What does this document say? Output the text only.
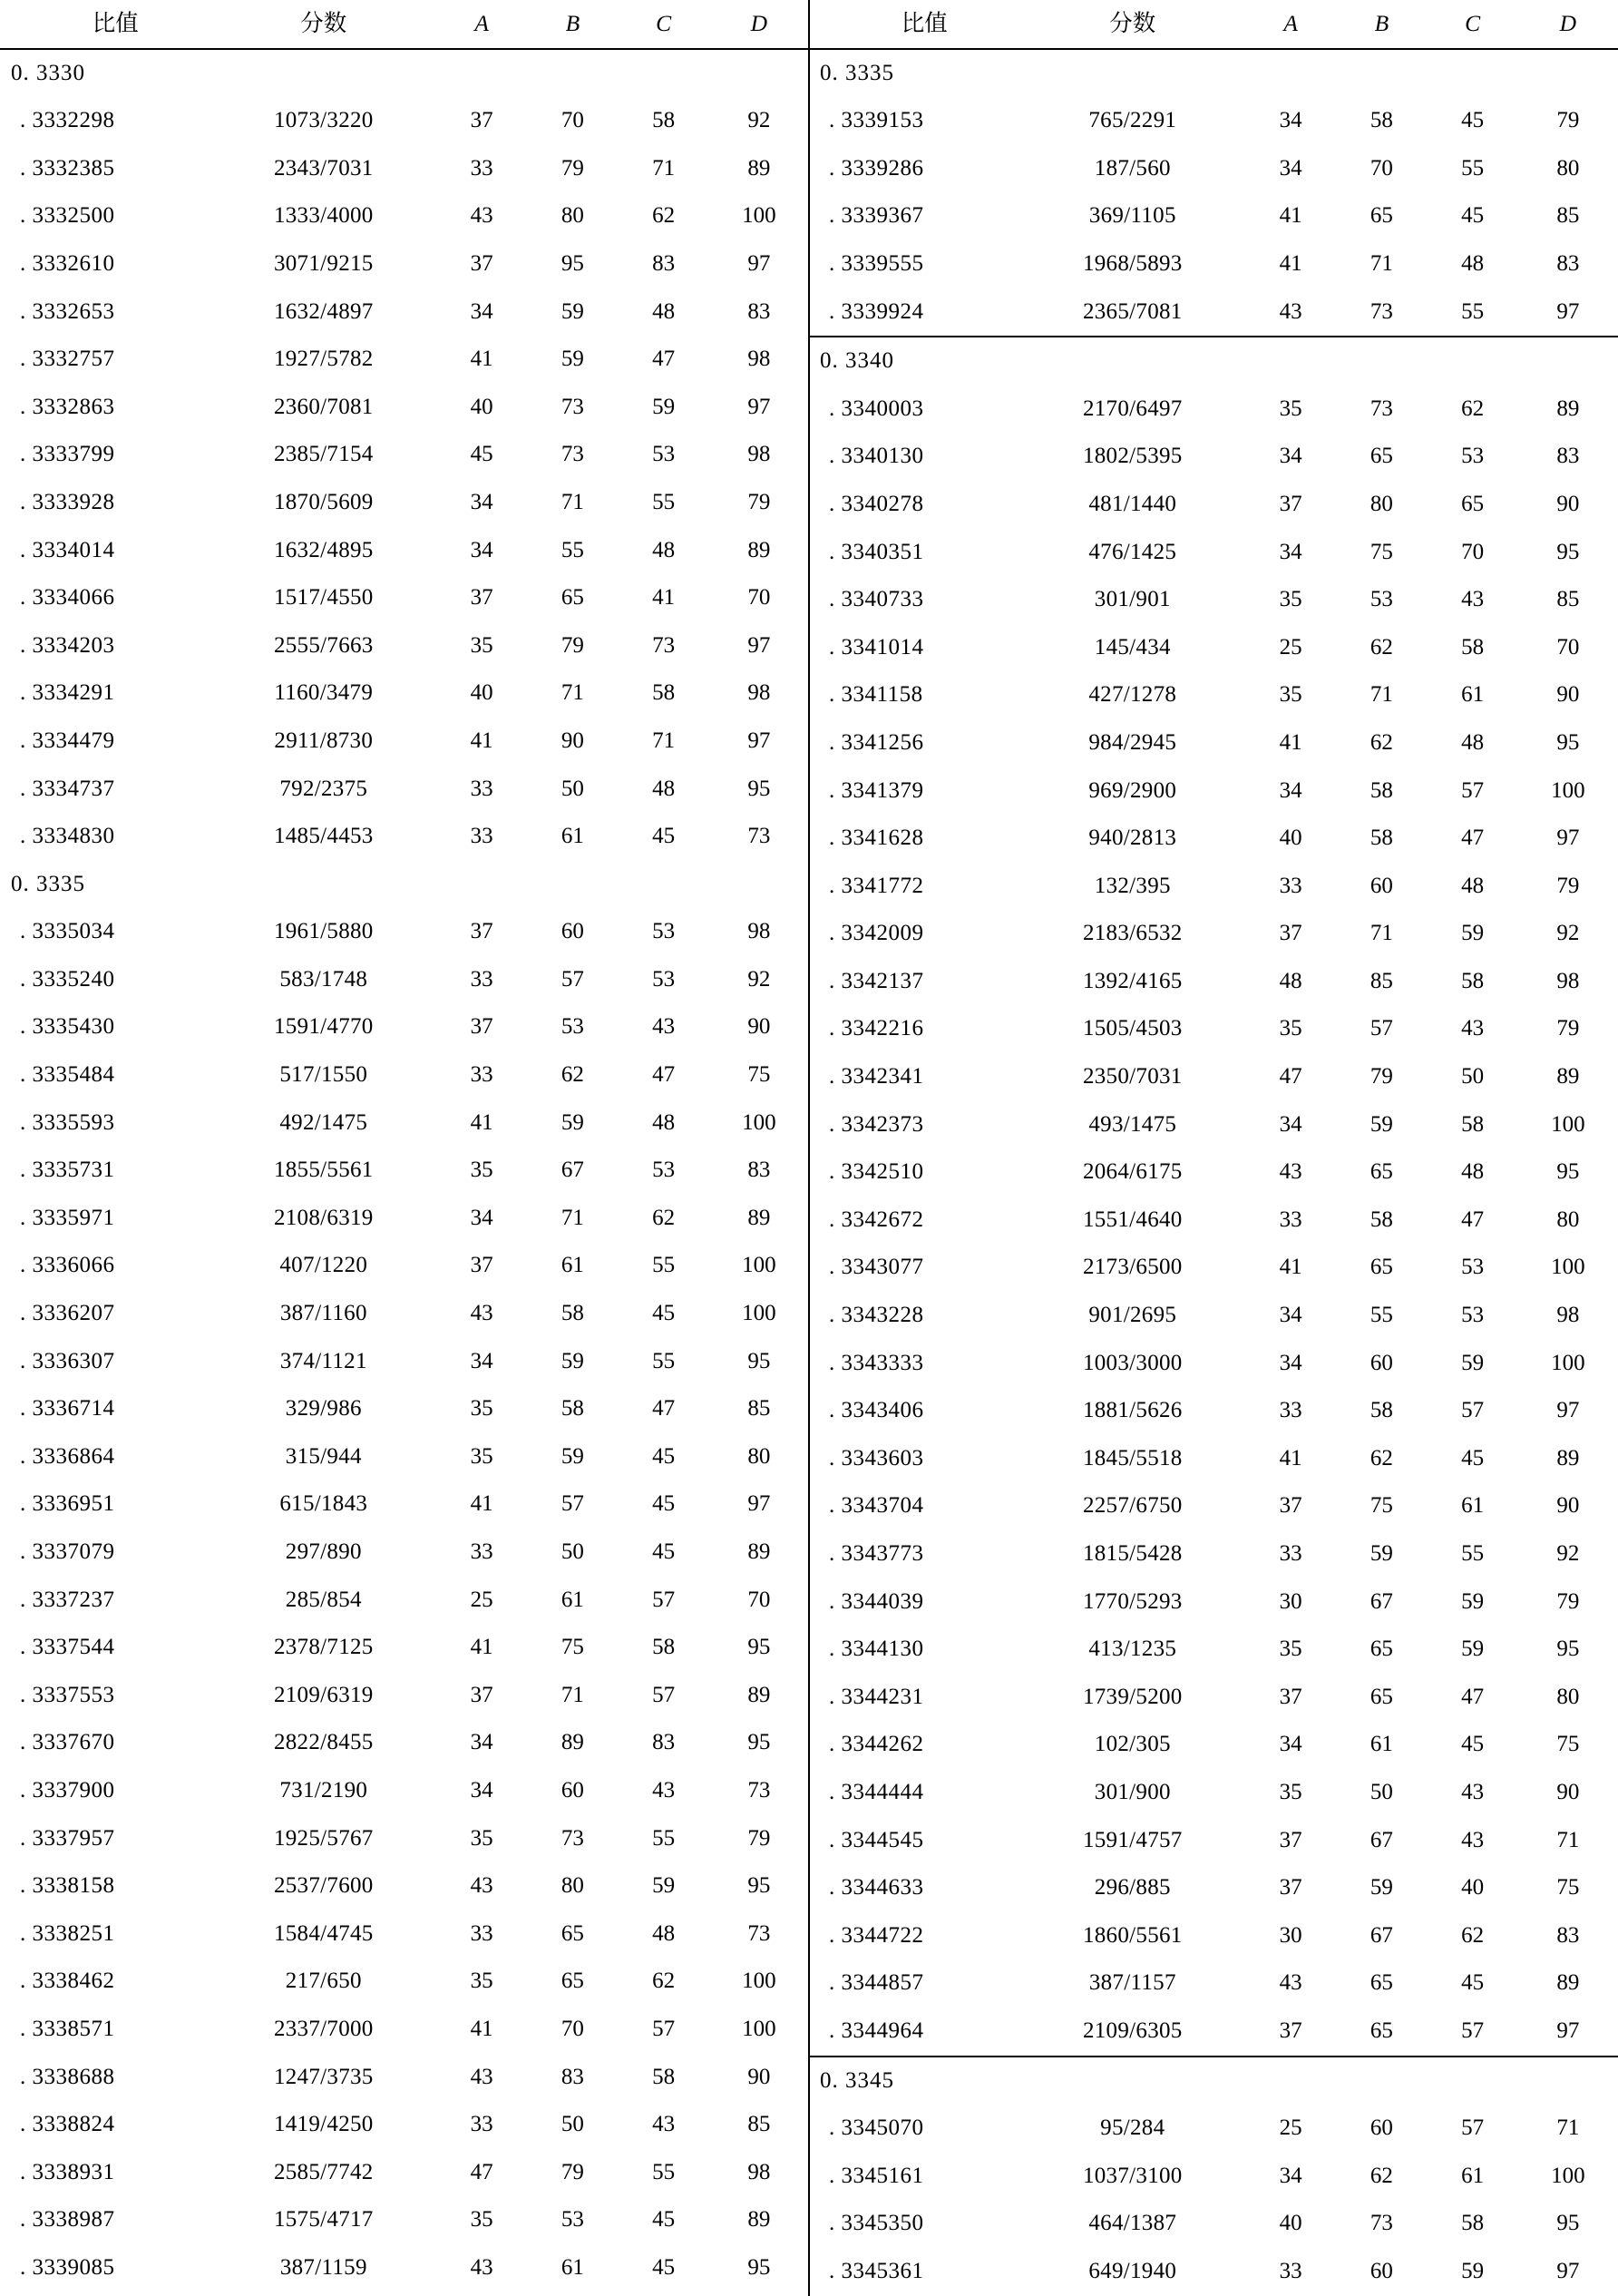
比值	分数	A	B	C	D
0. 3330					
. 3332298	1073/3220	37	70	58	92
. 3332385	2343/7031	33	79	71	89
. 3332500	1333/4000	43	80	62	100
. 3332610	3071/9215	37	95	83	97
. 3332653	1632/4897	34	59	48	83
. 3332757	1927/5782	41	59	47	98
. 3332863	2360/7081	40	73	59	97
. 3333799	2385/7154	45	73	53	98
. 3333928	1870/5609	34	71	55	79
. 3334014	1632/4895	34	55	48	89
. 3334066	1517/4550	37	65	41	70
. 3334203	2555/7663	35	79	73	97
. 3334291	1160/3479	40	71	58	98
. 3334479	2911/8730	41	90	71	97
. 3334737	792/2375	33	50	48	95
. 3334830	1485/4453	33	61	45	73
0. 3335					
. 3335034	1961/5880	37	60	53	98
. 3335240	583/1748	33	57	53	92
. 3335430	1591/4770	37	53	43	90
. 3335484	517/1550	33	62	47	75
. 3335593	492/1475	41	59	48	100
. 3335731	1855/5561	35	67	53	83
. 3335971	2108/6319	34	71	62	89
. 3336066	407/1220	37	61	55	100
. 3336207	387/1160	43	58	45	100
. 3336307	374/1121	34	59	55	95
. 3336714	329/986	35	58	47	85
. 3336864	315/944	35	59	45	80
. 3336951	615/1843	41	57	45	97
. 3337079	297/890	33	50	45	89
. 3337237	285/854	25	61	57	70
. 3337544	2378/7125	41	75	58	95
. 3337553	2109/6319	37	71	57	89
. 3337670	2822/8455	34	89	83	95
. 3337900	731/2190	34	60	43	73
. 3337957	1925/5767	35	73	55	79
. 3338158	2537/7600	43	80	59	95
. 3338251	1584/4745	33	65	48	73
. 3338462	217/650	35	65	62	100
. 3338571	2337/7000	41	70	57	100
. 3338688	1247/3735	43	83	58	90
. 3338824	1419/4250	33	50	43	85
. 3338931	2585/7742	47	79	55	98
. 3338987	1575/4717	35	53	45	89
. 3339085	387/1159	43	61	45	95
比值	分数	A	B	C	D
0. 3335					
. 3339153	765/2291	34	58	45	79
. 3339286	187/560	34	70	55	80
. 3339367	369/1105	41	65	45	85
. 3339555	1968/5893	41	71	48	83
. 3339924	2365/7081	43	73	55	97
0. 3340					
. 3340003	2170/6497	35	73	62	89
. 3340130	1802/5395	34	65	53	83
. 3340278	481/1440	37	80	65	90
. 3340351	476/1425	34	75	70	95
. 3340733	301/901	35	53	43	85
. 3341014	145/434	25	62	58	70
. 3341158	427/1278	35	71	61	90
. 3341256	984/2945	41	62	48	95
. 3341379	969/2900	34	58	57	100
. 3341628	940/2813	40	58	47	97
. 3341772	132/395	33	60	48	79
. 3342009	2183/6532	37	71	59	92
. 3342137	1392/4165	48	85	58	98
. 3342216	1505/4503	35	57	43	79
. 3342341	2350/7031	47	79	50	89
. 3342373	493/1475	34	59	58	100
. 3342510	2064/6175	43	65	48	95
. 3342672	1551/4640	33	58	47	80
. 3343077	2173/6500	41	65	53	100
. 3343228	901/2695	34	55	53	98
. 3343333	1003/3000	34	60	59	100
. 3343406	1881/5626	33	58	57	97
. 3343603	1845/5518	41	62	45	89
. 3343704	2257/6750	37	75	61	90
. 3343773	1815/5428	33	59	55	92
. 3344039	1770/5293	30	67	59	79
. 3344130	413/1235	35	65	59	95
. 3344231	1739/5200	37	65	47	80
. 3344262	102/305	34	61	45	75
. 3344444	301/900	35	50	43	90
. 3344545	1591/4757	37	67	43	71
. 3344633	296/885	37	59	40	75
. 3344722	1860/5561	30	67	62	83
. 3344857	387/1157	43	65	45	89
. 3344964	2109/6305	37	65	57	97
0. 3345					
. 3345070	95/284	25	60	57	71
. 3345161	1037/3100	34	62	61	100
. 3345350	464/1387	40	73	58	95
. 3345361	649/1940	33	60	59	97
